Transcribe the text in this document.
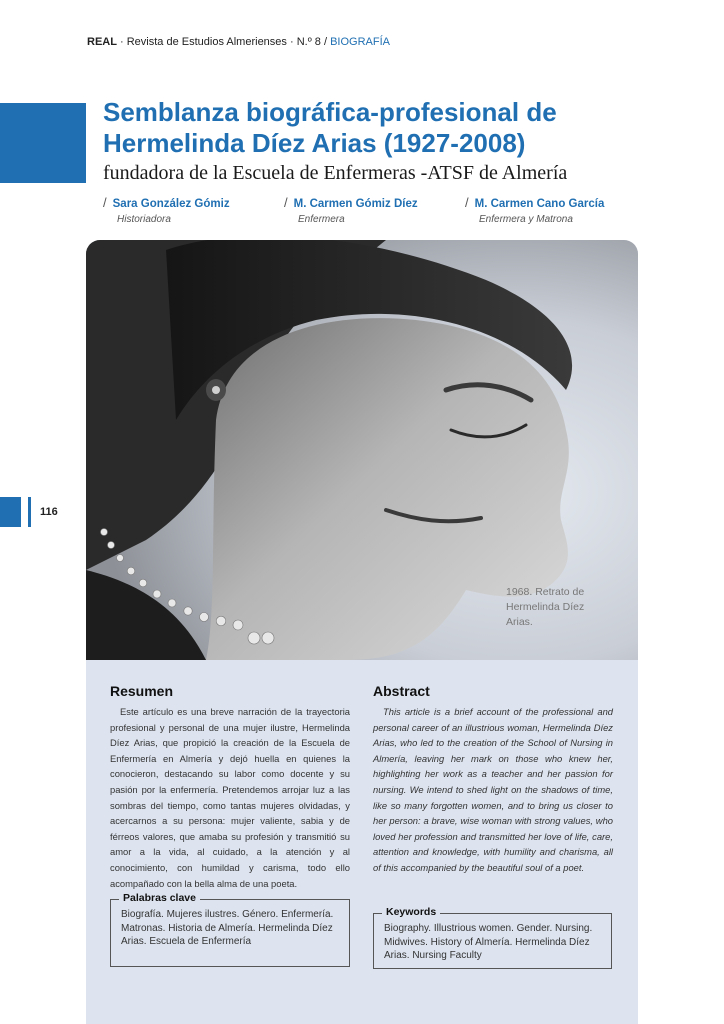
REAL · Revista de Estudios Almerienses · N.º 8 / BIOGRAFÍA
Semblanza biográfica-profesional de
Hermelinda Díez Arias (1927-2008)

fundadora de la Escuela de Enfermeras -ATSF de Almería

/ Sara González Gómiz
Historiadora
/ M. Carmen Gómiz Díez
Enfermera
/ M. Carmen Cano García
Enfermera y Matrona
116
1968. Retrato de
Hermelinda Díez
Arias.
Resumen

Este artículo es una breve narración de la trayectoria profesional y personal de una mujer ilustre, Hermelinda Díez Arias, que propició la creación de la Escuela de Enfermería en Almería y dejó huella en quienes la conocieron, destacando su labor como docente y su pasión por la enfermería. Pretendemos arrojar luz a las sombras del tiempo, como tantas mujeres olvidadas, y acercarnos a su persona: mujer valiente, sabia y de férreos valores, que amaba su profesión y transmitió su amor a la vida, al cuidado, a la atención y al conocimiento, con humildad y carisma, todo ello acompañado con la bella alma de una poeta.

Abstract

This article is a brief account of the professional and personal career of an illustrious woman, Hermelinda Díez Arias, who led to the creation of the School of Nursing in Almería, leaving her mark on those who knew her, highlighting her work as a teacher and her passion for nursing. We intend to shed light on the shadows of time, like so many forgotten women, and to bring us closer to her person: a brave, wise woman with strong values, who loved her profession and transmitted her love of life, care, attention and knowledge, with humility and charisma, all of this accompanied by the beautiful soul of a poet.

Palabras clave
Biografía. Mujeres ilustres. Género. Enfermería. Matronas. Historia de Almería. Hermelinda Díez Arias. Escuela de Enfermería
Keywords
Biography. Illustrious women. Gender. Nursing. Midwives. History of Almería. Hermelinda Díez Arias. Nursing Faculty
